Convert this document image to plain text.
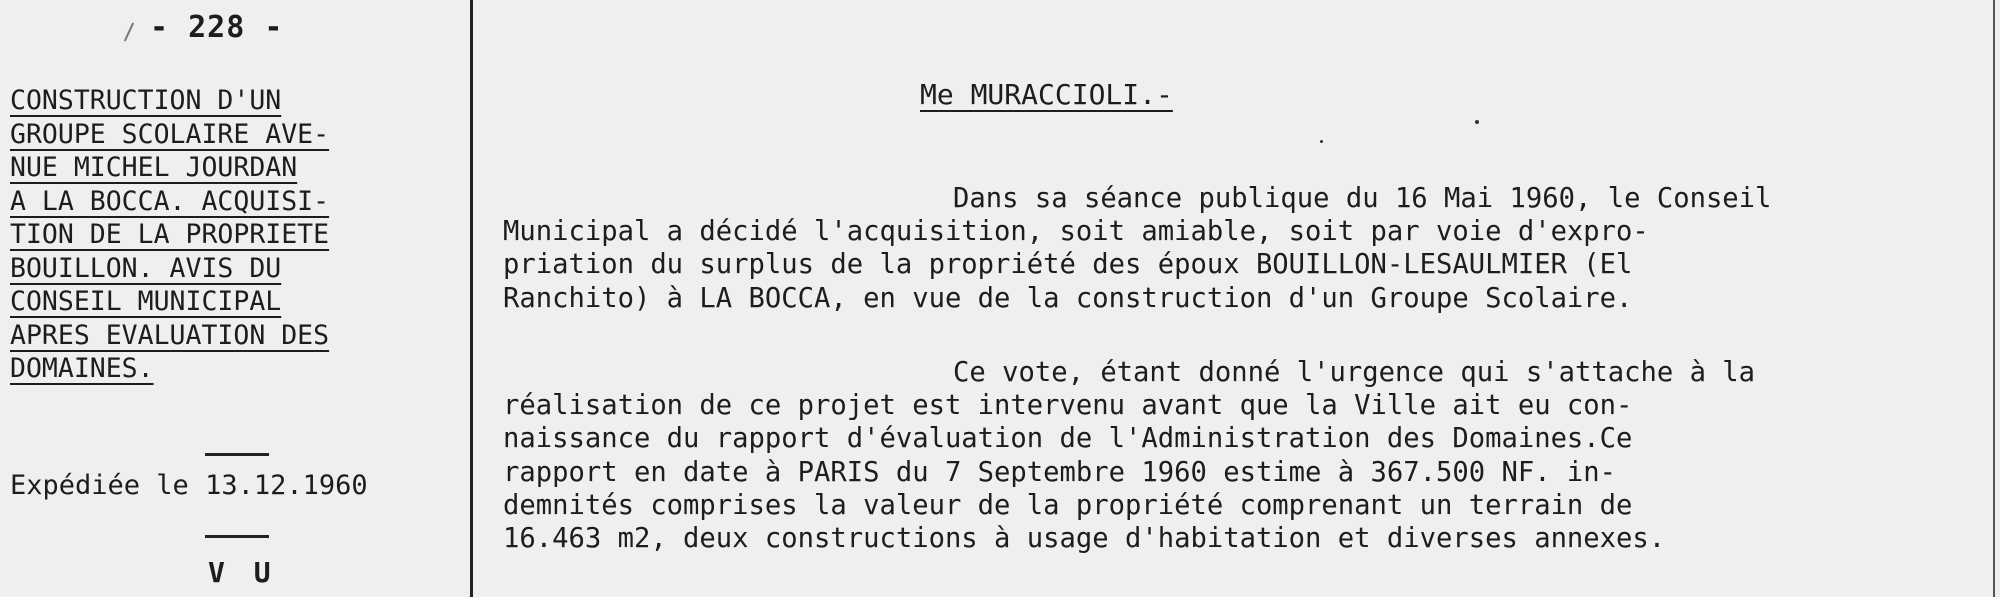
- 228 -
CONSTRUCTION D'UN
GROUPE SCOLAIRE AVE-
NUE MICHEL JOURDAN
A LA BOCCA. ACQUISI-
TION DE LA PROPRIETE
BOUILLON. AVIS DU
CONSEIL MUNICIPAL
APRES EVALUATION DES
DOMAINES.
Expédiée le 13.12.1960
V U
Me MURACCIOLI.-
Dans sa séance publique du 16 Mai 1960, le Conseil
Municipal a décidé l'acquisition, soit amiable, soit par voie d'expro-
priation du surplus de la propriété des époux BOUILLON-LESAULMIER (El
Ranchito) à LA BOCCA, en vue de la construction d'un Groupe Scolaire.
Ce vote, étant donné l'urgence qui s'attache à la
réalisation de ce projet est intervenu avant que la Ville ait eu con-
naissance du rapport d'évaluation de l'Administration des Domaines.Ce
rapport en date à PARIS du 7 Septembre 1960 estime à 367.500 NF. in-
demnités comprises la valeur de la propriété comprenant un terrain de
16.463 m2, deux constructions à usage d'habitation et diverses annexes.
